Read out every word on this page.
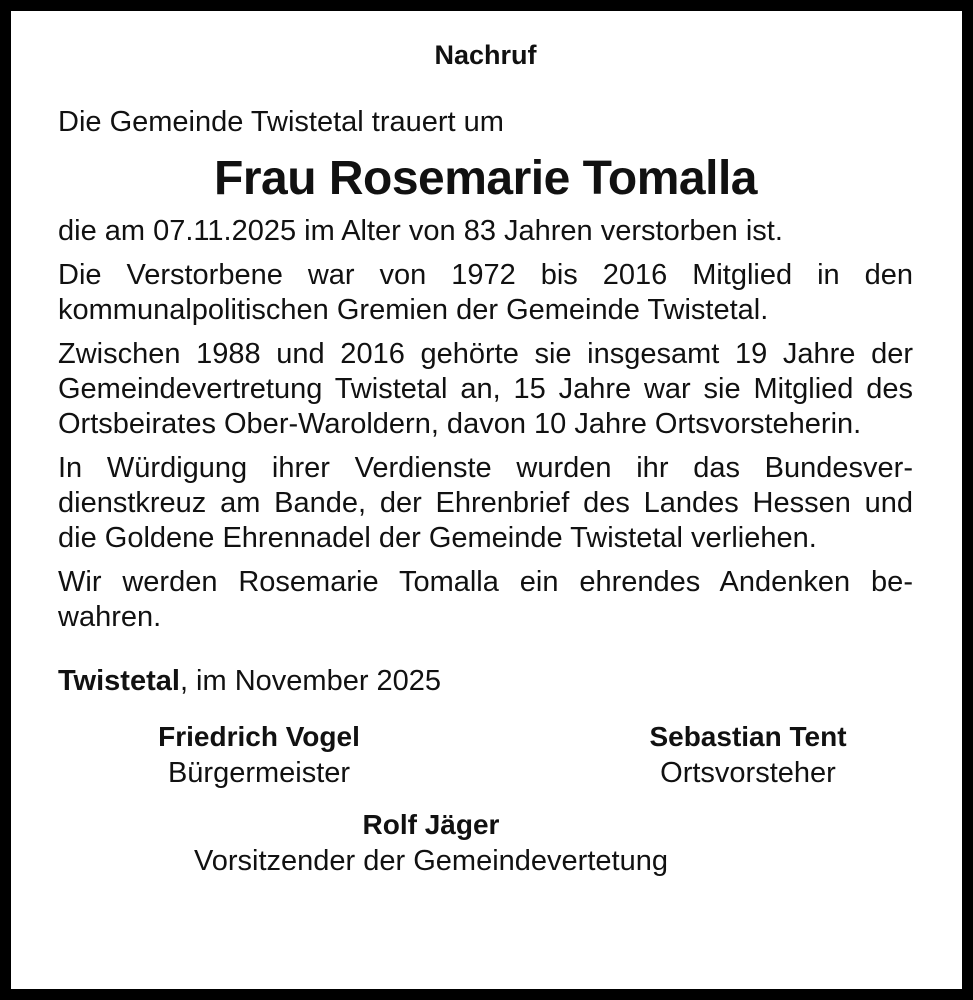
Nachruf

Die Gemeinde Twistetal trauert um

Frau Rosemarie Tomalla

die am 07.11.2025 im Alter von 83 Jahren verstorben ist.

Die Verstorbene war von 1972 bis 2016 Mitglied in den kommunalpolitischen Gremien der Gemeinde Twistetal.

Zwischen 1988 und 2016 gehörte sie insgesamt 19 Jahre der Gemeindevertretung Twistetal an, 15 Jahre war sie Mitglied des Ortsbeirates Ober-Waroldern, davon 10 Jahre Ortsvorsteherin.

In Würdigung ihrer Verdienste wurden ihr das Bundesverdienstkreuz am Bande, der Ehrenbrief des Landes Hessen und die Goldene Ehrennadel der Gemeinde Twistetal verliehen.

Wir werden Rosemarie Tomalla ein ehrendes Andenken bewahren.

Twistetal, im November 2025

Friedrich Vogel
Bürgermeister
Sebastian Tent
Ortsvorsteher
Rolf Jäger
Vorsitzender der Gemeindevertetung
